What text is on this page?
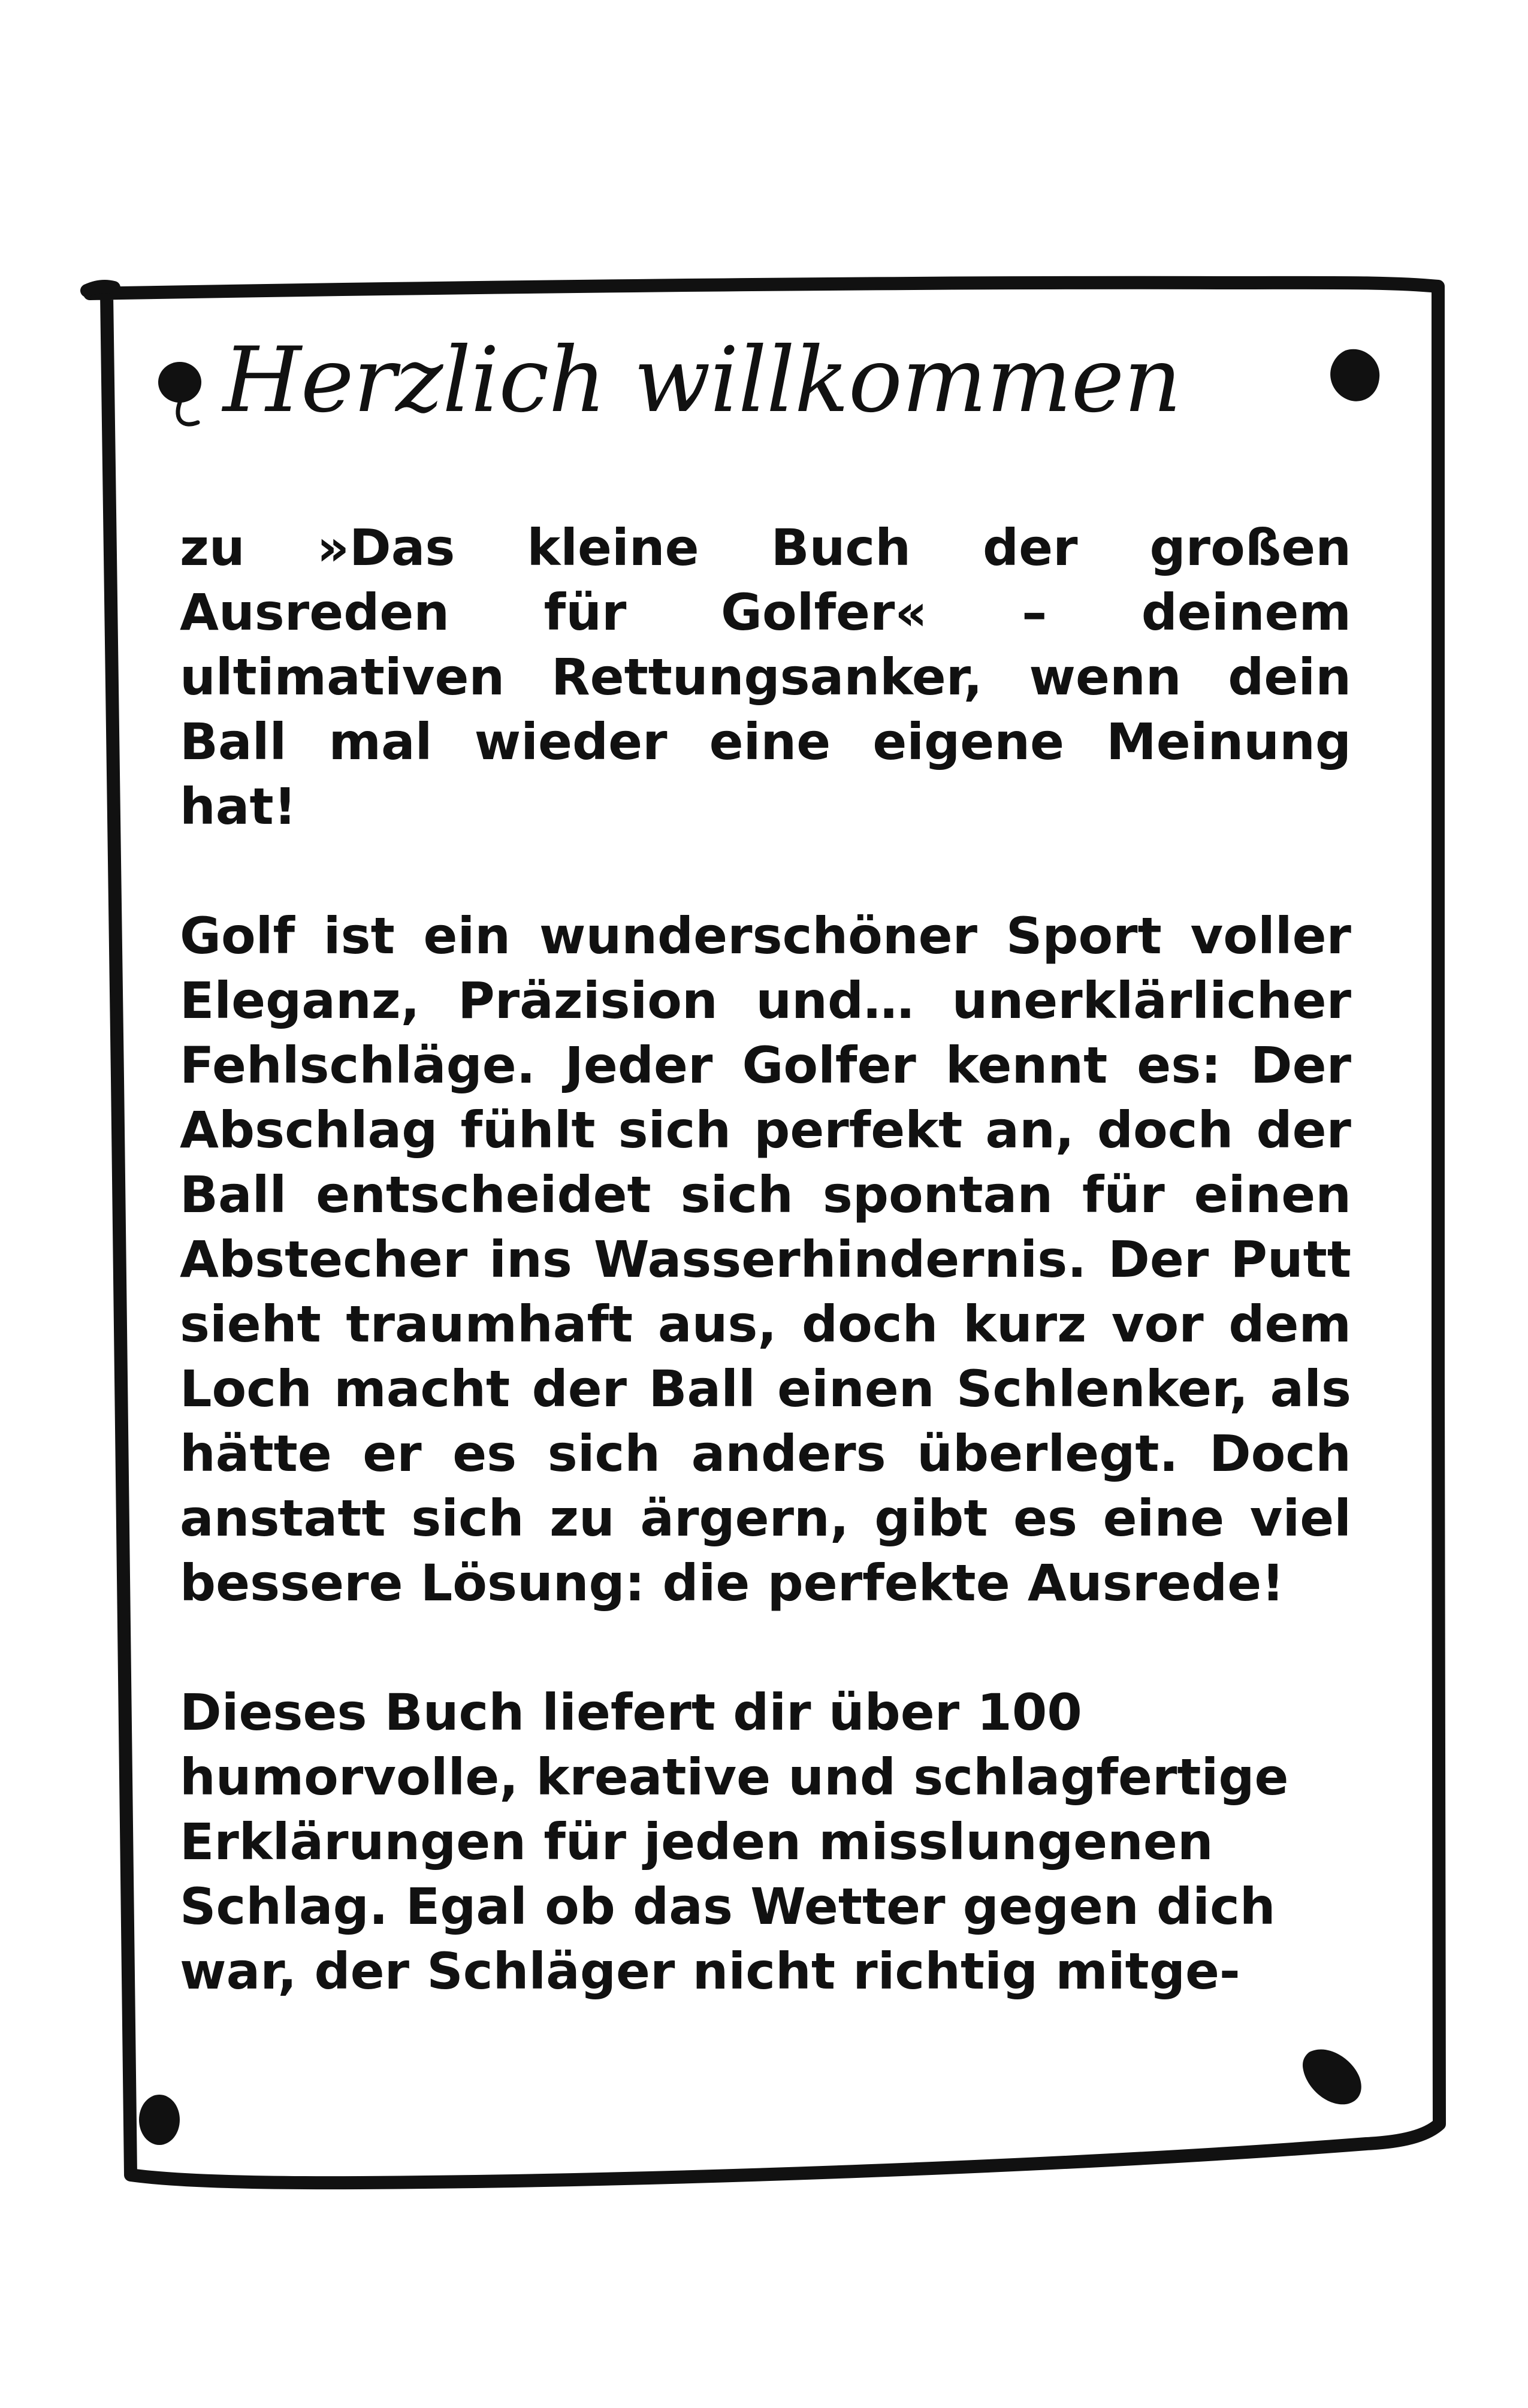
Herzlich willkommen

zu »Das kleine Buch der großen Ausreden für Golfer« – deinem ultimativen Rettungsanker, wenn dein Ball mal wieder eine eigene Meinung hat!

Golf ist ein wunderschöner Sport voller Eleganz, Präzision und… unerklärlicher Fehlschläge. Jeder Golfer kennt es: Der Abschlag fühlt sich perfekt an, doch der Ball entscheidet sich spontan für einen Abstecher ins Wasserhindernis. Der Putt sieht traumhaft aus, doch kurz vor dem Loch macht der Ball einen Schlenker, als hätte er es sich anders überlegt. Doch anstatt sich zu ärgern, gibt es eine viel bessere Lösung: die perfekte Ausrede!

Dieses Buch liefert dir über 100 humorvolle, kreative und schlagfertige Erklärungen für jeden misslungenen Schlag. Egal ob das Wetter gegen dich war, der Schläger nicht richtig mitge-
